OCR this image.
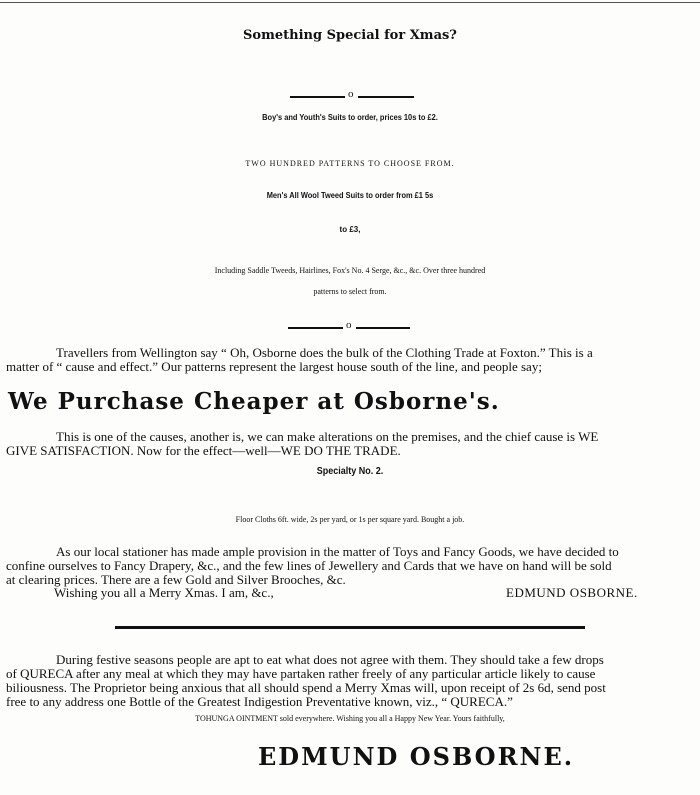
Something Special for Xmas?
o
Boy's and Youth's Suits to order, prices 10s to £2.
TWO HUNDRED PATTERNS TO CHOOSE FROM.
Men's All Wool Tweed Suits to order from £1 5s
to £3,
Including Saddle Tweeds, Hairlines, Fox's No. 4 Serge, &c., &c. Over three hundred
patterns to select from.
o
Travellers from Wellington say “ Oh, Osborne does the bulk of the Clothing Trade at Foxton.” This is a
matter of “ cause and effect.” Our patterns represent the largest house south of the line, and people say;
We Purchase Cheaper at Osborne's.
This is one of the causes, another is, we can make alterations on the premises, and the chief cause is WE
GIVE SATISFACTION. Now for the effect—well—WE DO THE TRADE.
Specialty No. 2.
Floor Cloths 6ft. wide, 2s per yard, or 1s per square yard. Bought a job.
As our local stationer has made ample provision in the matter of Toys and Fancy Goods, we have decided to
confine ourselves to Fancy Drapery, &c., and the few lines of Jewellery and Cards that we have on hand will be sold
at clearing prices. There are a few Gold and Silver Brooches, &c.
Wishing you all a Merry Xmas. I am, &c.,	EDMUND OSBORNE.
During festive seasons people are apt to eat what does not agree with them. They should take a few drops
of QURECA after any meal at which they may have partaken rather freely of any particular article likely to cause
biliousness. The Proprietor being anxious that all should spend a Merry Xmas will, upon receipt of 2s 6d, send post
free to any address one Bottle of the Greatest Indigestion Preventative known, viz., “ QURECA.”
TOHUNGA OINTMENT sold everywhere. Wishing you all a Happy New Year. Yours faithfully,
EDMUND OSBORNE.
